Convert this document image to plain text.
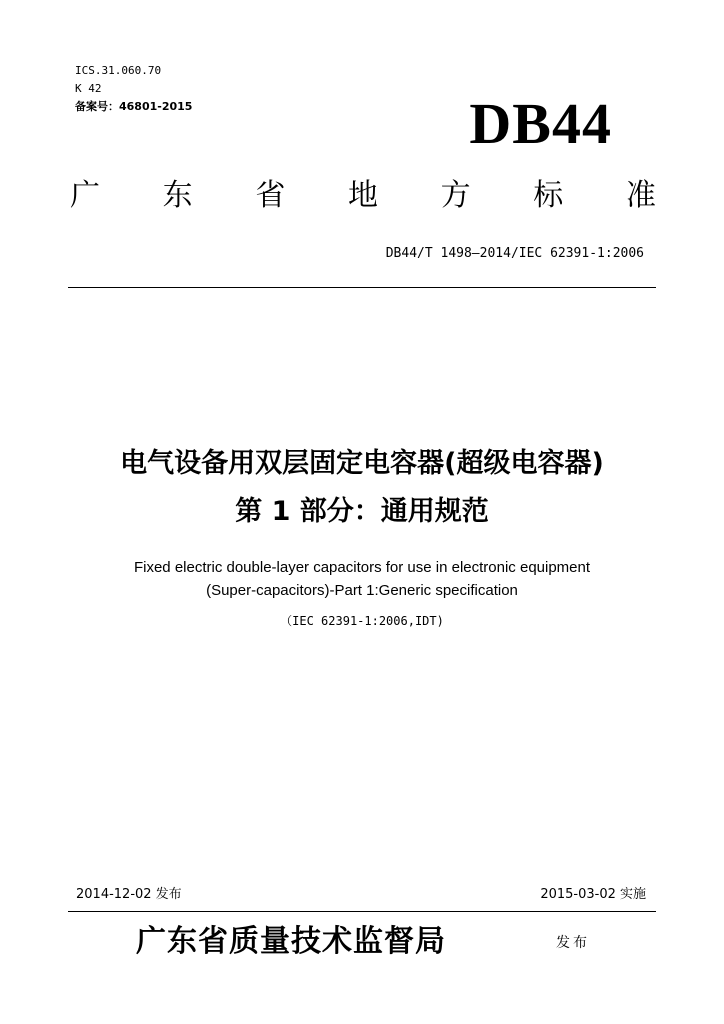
ICS.31.060.70
K 42
备案号：46801-2015	DB44
广 东 省 地 方 标 准
DB44/T 1498—2014/IEC 62391-1:2006
电气设备用双层固定电容器(超级电容器)
第 1 部分：通用规范
Fixed electric double-layer capacitors for use in electronic equipment
(Super-capacitors)-Part 1:Generic specification
（IEC 62391-1:2006,IDT)
2014-12-02 发布	2015-03-02 实施
广东省质量技术监督局	发布
